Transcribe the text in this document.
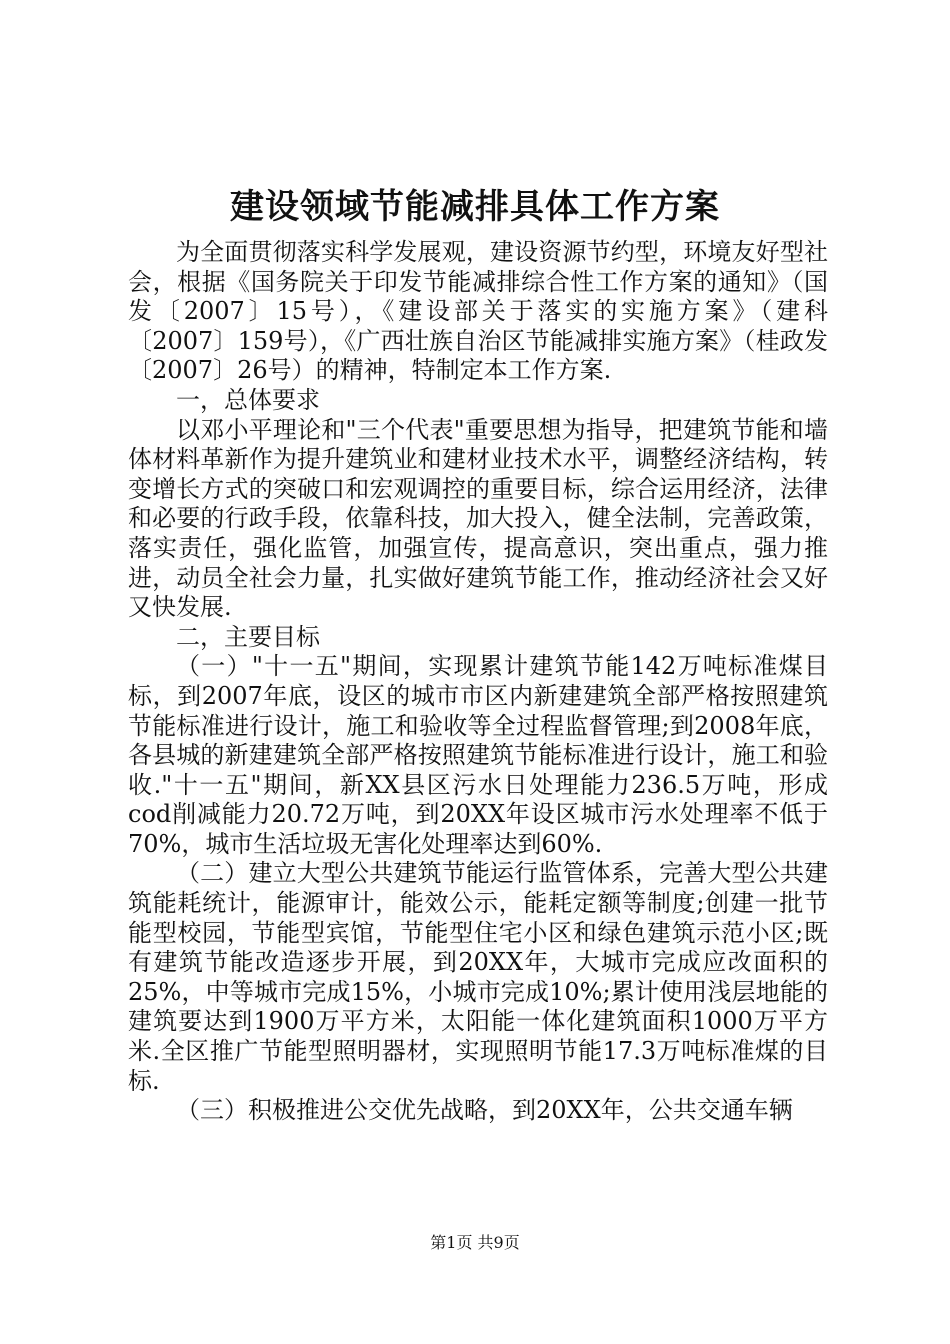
建设领域节能减排具体工作方案

为全面贯彻落实科学发展观，建设资源节约型，环境友好型社会，根据《国务院关于印发节能减排综合性工作方案的通知》（国发〔2007〕15号），《建设部关于落实的实施方案》（建科〔2007〕159号），《广西壮族自治区节能减排实施方案》（桂政发〔2007〕26号）的精神，特制定本工作方案.

一，总体要求

以邓小平理论和"三个代表"重要思想为指导，把建筑节能和墙体材料革新作为提升建筑业和建材业技术水平，调整经济结构，转变增长方式的突破口和宏观调控的重要目标，综合运用经济，法律和必要的行政手段，依靠科技，加大投入，健全法制，完善政策，落实责任，强化监管，加强宣传，提高意识，突出重点，强力推进，动员全社会力量，扎实做好建筑节能工作，推动经济社会又好又快发展.

二，主要目标

（一）"十一五"期间，实现累计建筑节能142万吨标准煤目标，到2007年底，设区的城市市区内新建建筑全部严格按照建筑节能标准进行设计，施工和验收等全过程监督管理;到2008年底，各县城的新建建筑全部严格按照建筑节能标准进行设计，施工和验收."十一五"期间，新XX县区污水日处理能力236.5万吨，形成cod削减能力20.72万吨，到20XX年设区城市污水处理率不低于70%，城市生活垃圾无害化处理率达到60%.

（二）建立大型公共建筑节能运行监管体系，完善大型公共建筑能耗统计，能源审计，能效公示，能耗定额等制度;创建一批节能型校园，节能型宾馆，节能型住宅小区和绿色建筑示范小区;既有建筑节能改造逐步开展，到20XX年，大城市完成应改面积的25%，中等城市完成15%，小城市完成10%;累计使用浅层地能的建筑要达到1900万平方米，太阳能一体化建筑面积1000万平方米.全区推广节能型照明器材，实现照明节能17.3万吨标准煤的目标.

（三）积极推进公交优先战略，到20XX年，公共交通车辆

第1页 共9页
